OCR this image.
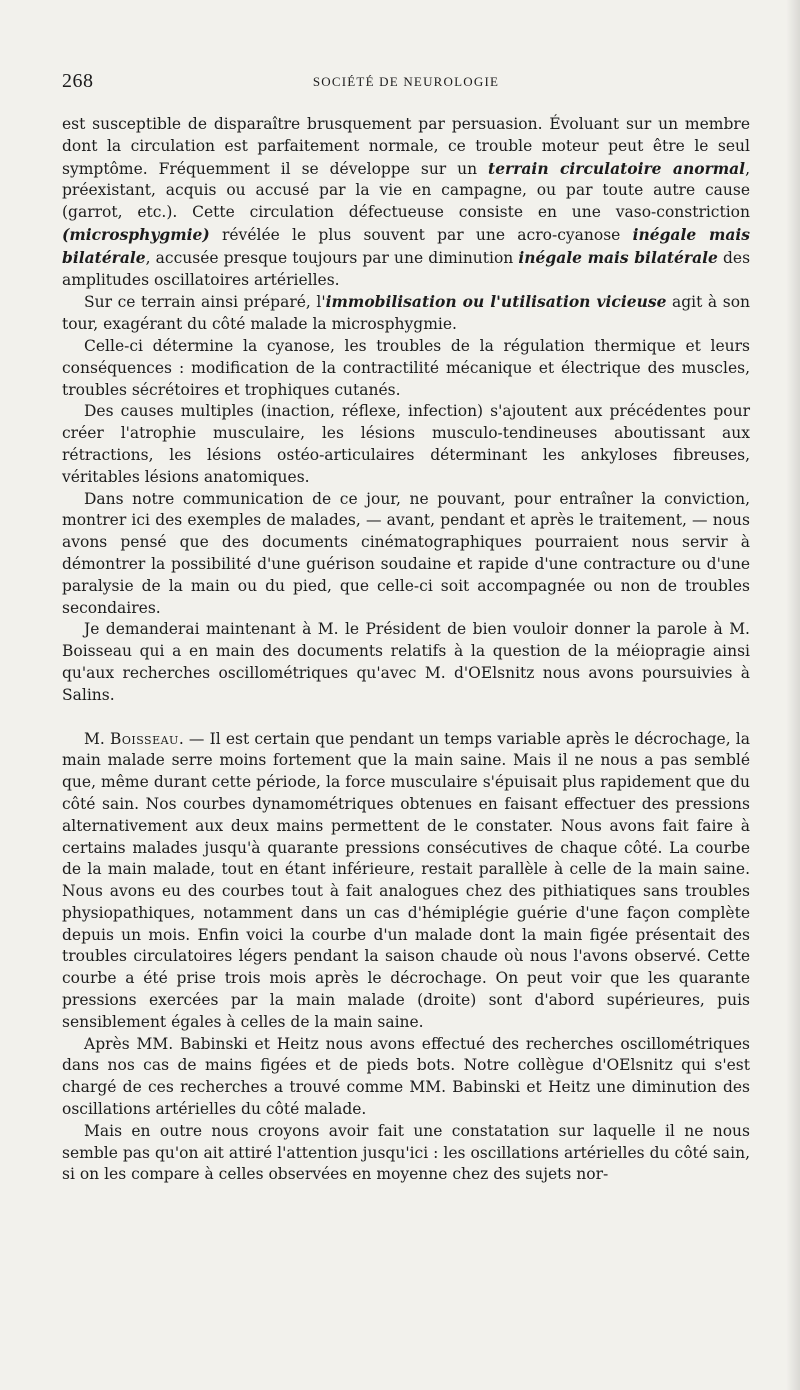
268	SOCIÉTÉ DE NEUROLOGIE

est susceptible de disparaître brusquement par persuasion. Évoluant sur un membre dont la circulation est parfaitement normale, ce trouble moteur peut être le seul symptôme. Fréquemment il se développe sur un terrain circulatoire anormal, préexistant, acquis ou accusé par la vie en campagne, ou par toute autre cause (garrot, etc.). Cette circulation défectueuse consiste en une vaso-constriction (microsphygmie) révélée le plus souvent par une acro-cyanose inégale mais bilatérale, accusée presque toujours par une diminution inégale mais bilatérale des amplitudes oscillatoires artérielles.

Sur ce terrain ainsi préparé, l'immobilisation ou l'utilisation vicieuse agit à son tour, exagérant du côté malade la microsphygmie.

Celle-ci détermine la cyanose, les troubles de la régulation thermique et leurs conséquences : modification de la contractilité mécanique et électrique des muscles, troubles sécrétoires et trophiques cutanés.

Des causes multiples (inaction, réflexe, infection) s'ajoutent aux précédentes pour créer l'atrophie musculaire, les lésions musculo-tendineuses aboutissant aux rétractions, les lésions ostéo-articulaires déterminant les ankyloses fibreuses, véritables lésions anatomiques.

Dans notre communication de ce jour, ne pouvant, pour entraîner la conviction, montrer ici des exemples de malades, — avant, pendant et après le traitement, — nous avons pensé que des documents cinématographiques pourraient nous servir à démontrer la possibilité d'une guérison soudaine et rapide d'une contracture ou d'une paralysie de la main ou du pied, que celle-ci soit accompagnée ou non de troubles secondaires.

Je demanderai maintenant à M. le Président de bien vouloir donner la parole à M. Boisseau qui a en main des documents relatifs à la question de la méiopragie ainsi qu'aux recherches oscillométriques qu'avec M. d'OElsnitz nous avons poursuivies à Salins.

M. Boisseau. — Il est certain que pendant un temps variable après le décrochage, la main malade serre moins fortement que la main saine. Mais il ne nous a pas semblé que, même durant cette période, la force musculaire s'épuisait plus rapidement que du côté sain. Nos courbes dynamométriques obtenues en faisant effectuer des pressions alternativement aux deux mains permettent de le constater. Nous avons fait faire à certains malades jusqu'à quarante pressions consécutives de chaque côté. La courbe de la main malade, tout en étant inférieure, restait parallèle à celle de la main saine. Nous avons eu des courbes tout à fait analogues chez des pithiatiques sans troubles physiopathiques, notamment dans un cas d'hémiplégie guérie d'une façon complète depuis un mois. Enfin voici la courbe d'un malade dont la main figée présentait des troubles circulatoires légers pendant la saison chaude où nous l'avons observé. Cette courbe a été prise trois mois après le décrochage. On peut voir que les quarante pressions exercées par la main malade (droite) sont d'abord supérieures, puis sensiblement égales à celles de la main saine.

Après MM. Babinski et Heitz nous avons effectué des recherches oscillométriques dans nos cas de mains figées et de pieds bots. Notre collègue d'OElsnitz qui s'est chargé de ces recherches a trouvé comme MM. Babinski et Heitz une diminution des oscillations artérielles du côté malade.

Mais en outre nous croyons avoir fait une constatation sur laquelle il ne nous semble pas qu'on ait attiré l'attention jusqu'ici : les oscillations artérielles du côté sain, si on les compare à celles observées en moyenne chez des sujets nor-
